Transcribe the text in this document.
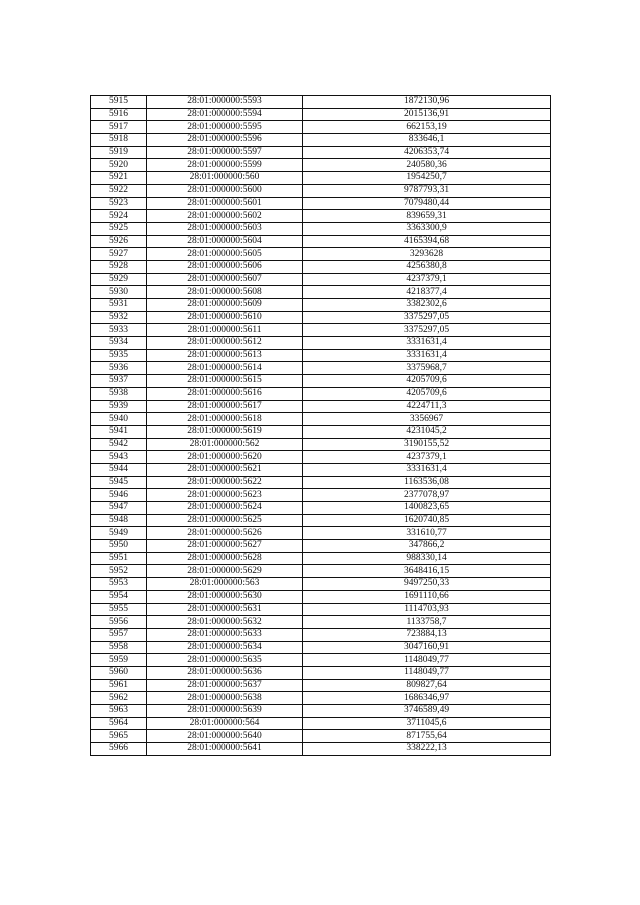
5915	28:01:000000:5593	1872130,96
5916	28:01:000000:5594	2015136,91
5917	28:01:000000:5595	662153,19
5918	28:01:000000:5596	833646,1
5919	28:01:000000:5597	4206353,74
5920	28:01:000000:5599	240580,36
5921	28:01:000000:560	1954250,7
5922	28:01:000000:5600	9787793,31
5923	28:01:000000:5601	7079480,44
5924	28:01:000000:5602	839659,31
5925	28:01:000000:5603	3363300,9
5926	28:01:000000:5604	4165394,68
5927	28:01:000000:5605	3293628
5928	28:01:000000:5606	4256380,8
5929	28:01:000000:5607	4237379,1
5930	28:01:000000:5608	4218377,4
5931	28:01:000000:5609	3382302,6
5932	28:01:000000:5610	3375297,05
5933	28:01:000000:5611	3375297,05
5934	28:01:000000:5612	3331631,4
5935	28:01:000000:5613	3331631,4
5936	28:01:000000:5614	3375968,7
5937	28:01:000000:5615	4205709,6
5938	28:01:000000:5616	4205709,6
5939	28:01:000000:5617	4224711,3
5940	28:01:000000:5618	3356967
5941	28:01:000000:5619	4231045,2
5942	28:01:000000:562	3190155,52
5943	28:01:000000:5620	4237379,1
5944	28:01:000000:5621	3331631,4
5945	28:01:000000:5622	1163536,08
5946	28:01:000000:5623	2377078,97
5947	28:01:000000:5624	1400823,65
5948	28:01:000000:5625	1620740,85
5949	28:01:000000:5626	331610,77
5950	28:01:000000:5627	347866,2
5951	28:01:000000:5628	988330,14
5952	28:01:000000:5629	3648416,15
5953	28:01:000000:563	9497250,33
5954	28:01:000000:5630	1691110,66
5955	28:01:000000:5631	1114703,93
5956	28:01:000000:5632	1133758,7
5957	28:01:000000:5633	723884,13
5958	28:01:000000:5634	3047160,91
5959	28:01:000000:5635	1148049,77
5960	28:01:000000:5636	1148049,77
5961	28:01:000000:5637	809827,64
5962	28:01:000000:5638	1686346,97
5963	28:01:000000:5639	3746589,49
5964	28:01:000000:564	3711045,6
5965	28:01:000000:5640	871755,64
5966	28:01:000000:5641	338222,13
